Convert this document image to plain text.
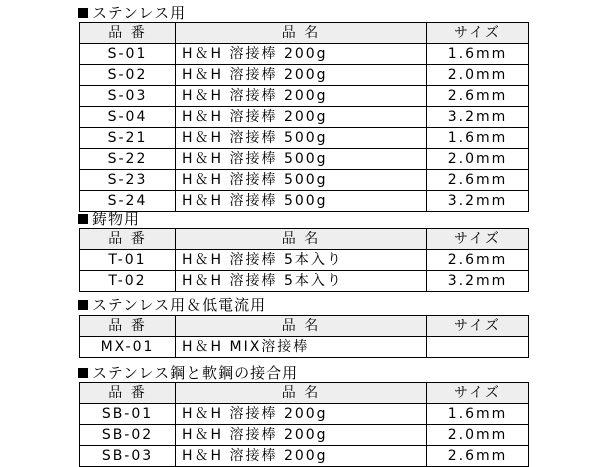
ステンレス用
品 番	品 名	サイズ
S-01	H＆H 溶接棒 200g	1.6mm
S-02	H＆H 溶接棒 200g	2.0mm
S-03	H＆H 溶接棒 200g	2.6mm
S-04	H＆H 溶接棒 200g	3.2mm
S-21	H＆H 溶接棒 500g	1.6mm
S-22	H＆H 溶接棒 500g	2.0mm
S-23	H＆H 溶接棒 500g	2.6mm
S-24	H＆H 溶接棒 500g	3.2mm
鋳物用
品 番	品 名	サイズ
T-01	H＆H 溶接棒 5本入り	2.6mm
T-02	H＆H 溶接棒 5本入り	3.2mm
ステンレス用＆低電流用
品 番	品 名	サイズ
MX-01	H＆H MIX溶接棒	
ステンレス鋼と軟鋼の接合用
品 番	品 名	サイズ
SB-01	H＆H 溶接棒 200g	1.6mm
SB-02	H＆H 溶接棒 200g	2.0mm
SB-03	H＆H 溶接棒 200g	2.6mm
